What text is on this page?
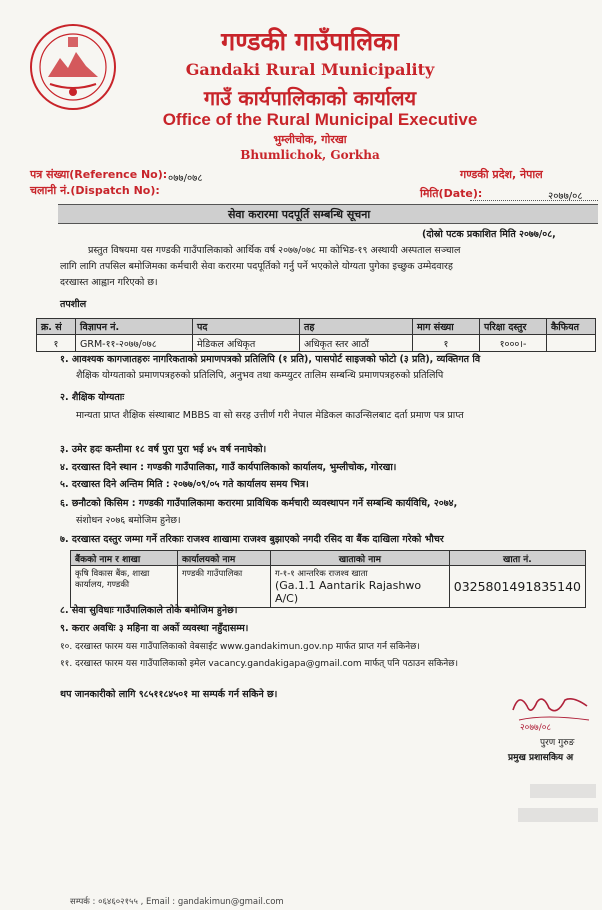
गण्डकी गाउँपालिका
Gandaki Rural Municipality
गाउँ कार्यपालिकाको कार्यालय
Office of the Rural Municipal Executive
भुम्लीचोक, गोरखा
Bhumlichok, Gorkha
पत्र संख्या(Reference No): ०७७/०७८
चलानी नं.(Dispatch No):
गण्डकी प्रदेश, नेपाल
मिति(Date):	२०७७/०८
सेवा करारमा पदपूर्ति सम्बन्धि सूचना
(दोस्रो पटक प्रकाशित मिति २०७७/०८,
प्रस्तुत विषयमा यस गण्डकी गाउँपालिकाको आर्थिक वर्ष २०७७/०७८ मा कोभिड-१९ अस्थायी अस्पताल सञ्चाल
लागि लागि तपसिल बमोजिमका कर्मचारी सेवा करारमा पदपूर्तिको गर्नु पर्ने भएकोले योग्यता पुगेका इच्छुक उम्मेदवारह
दरखास्त आह्वान गरिएको छ।
तपशील
क्र. सं	विज्ञापन नं.	पद	तह	माग संख्या	परिक्षा दस्तुर	कैफियत
१	GRM-११-२०७७/०७८	मेडिकल अधिकृत	अधिकृत स्तर आठौं	१	१०००।-	
१. आवश्यक कागजातहरुः नागरिकताको प्रमाणपत्रको प्रतिलिपि (१ प्रति), पासपोर्ट साइजको फोटो (३ प्रति), व्यक्तिगत वि
शैक्षिक योग्यताको प्रमाणपत्रहरुको प्रतिलिपि, अनुभव तथा कम्प्युटर तालिम सम्बन्धि प्रमाणपत्रहरुको प्रतिलिपि
२. शैक्षिक योग्यताः
मान्यता प्राप्त शैक्षिक संस्थाबाट MBBS वा सो सरह उत्तीर्ण गरी नेपाल मेडिकल काउन्सिलबाट दर्ता प्रमाण पत्र प्राप्त
३. उमेर हदः कम्तीमा १८ वर्ष पुरा पुरा भई ४५ वर्ष ननाघेको।
४. दरखास्त दिने स्थान : गण्डकी गाउँपालिका, गाउँ कार्यपालिकाको कार्यालय, भुम्लीचोक, गोरखा।
५. दरखास्त दिने अन्तिम मिति : २०७७/०९/०५ गते कार्यालय समय भित्र।
६. छनौटको किसिम : गण्डकी गाउँपालिकामा करारमा प्राविधिक कर्मचारी व्यवस्थापन गर्ने सम्बन्धि कार्यविधि, २०७४,
संशोधन २०७६ बमोजिम हुनेछ।
७. दरखास्त दस्तुर जम्मा गर्ने तरिकाः राजश्व शाखामा राजश्व बुझाएको नगदी रसिद वा बैंक दाखिला गरेको भौचर
बैंकको नाम र शाखा	कार्यालयको नाम	खाताको नाम	खाता नं.
कृषि विकास बैंक, शाखा कार्यालय, गण्डकी	गण्डकी गाउँपालिका	ग-१-१ आन्तरिक राजश्व खाता
(Ga.1.1 Aantarik Rajashwo A/C)	0325801491835140
८. सेवा सुविधाः गाउँपालिकाले तोके बमोजिम हुनेछ।
९. करार अवधिः ३ महिना वा अर्को व्यवस्था नहुँदासम्म।
१०. दरखास्त फारम यस गाउँपालिकाको वेबसाईट www.gandakimun.gov.np मार्फत प्राप्त गर्न सकिनेछ।
११. दरखास्त फारम यस गाउँपालिकाको इमेल vacancy.gandakigapa@gmail.com मार्फत् पनि पठाउन सकिनेछ।
थप जानकारीको लागि ९८५११८४५०१ मा सम्पर्क गर्न सकिने छ।
२०७७/०८
पुरण गुरुङ
प्रमुख प्रशासकिय अ
सम्पर्क : ०६४६०२१५५ , Email : gandakimun@gmail.com
